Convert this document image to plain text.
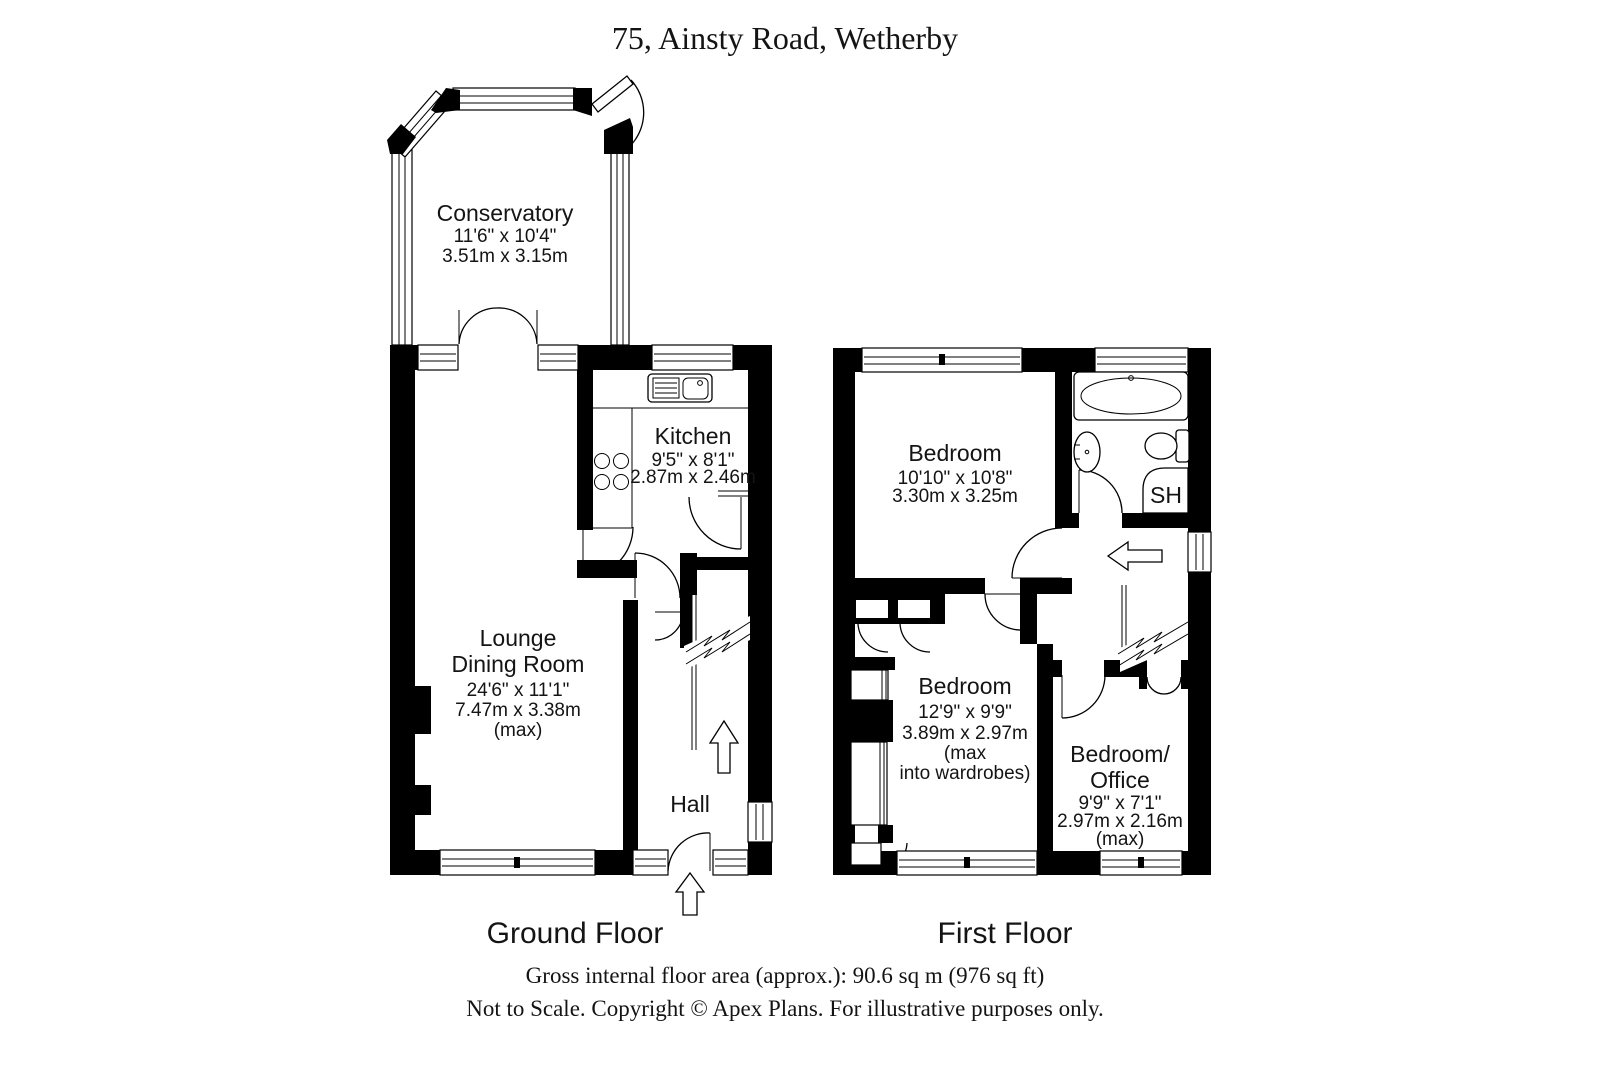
75, Ainsty Road, Wetherby
Conservatory
11'6" x 10'4"
3.51m x 3.15m
Kitchen
9'5" x 8'1"
2.87m x 2.46m
Lounge
Dining Room
24'6" x 11'1"
7.47m x 3.38m
(max)
Hall
Bedroom
10'10" x 10'8"
3.30m x 3.25m
Bedroom
12'9" x 9'9"
3.89m x 2.97m
(max
into wardrobes)
Bedroom/
Office
9'9" x 7'1"
2.97m x 2.16m
(max)
SH
Ground Floor	First Floor
Gross internal floor area (approx.): 90.6 sq m (976 sq ft)
Not to Scale. Copyright © Apex Plans. For illustrative purposes only.
